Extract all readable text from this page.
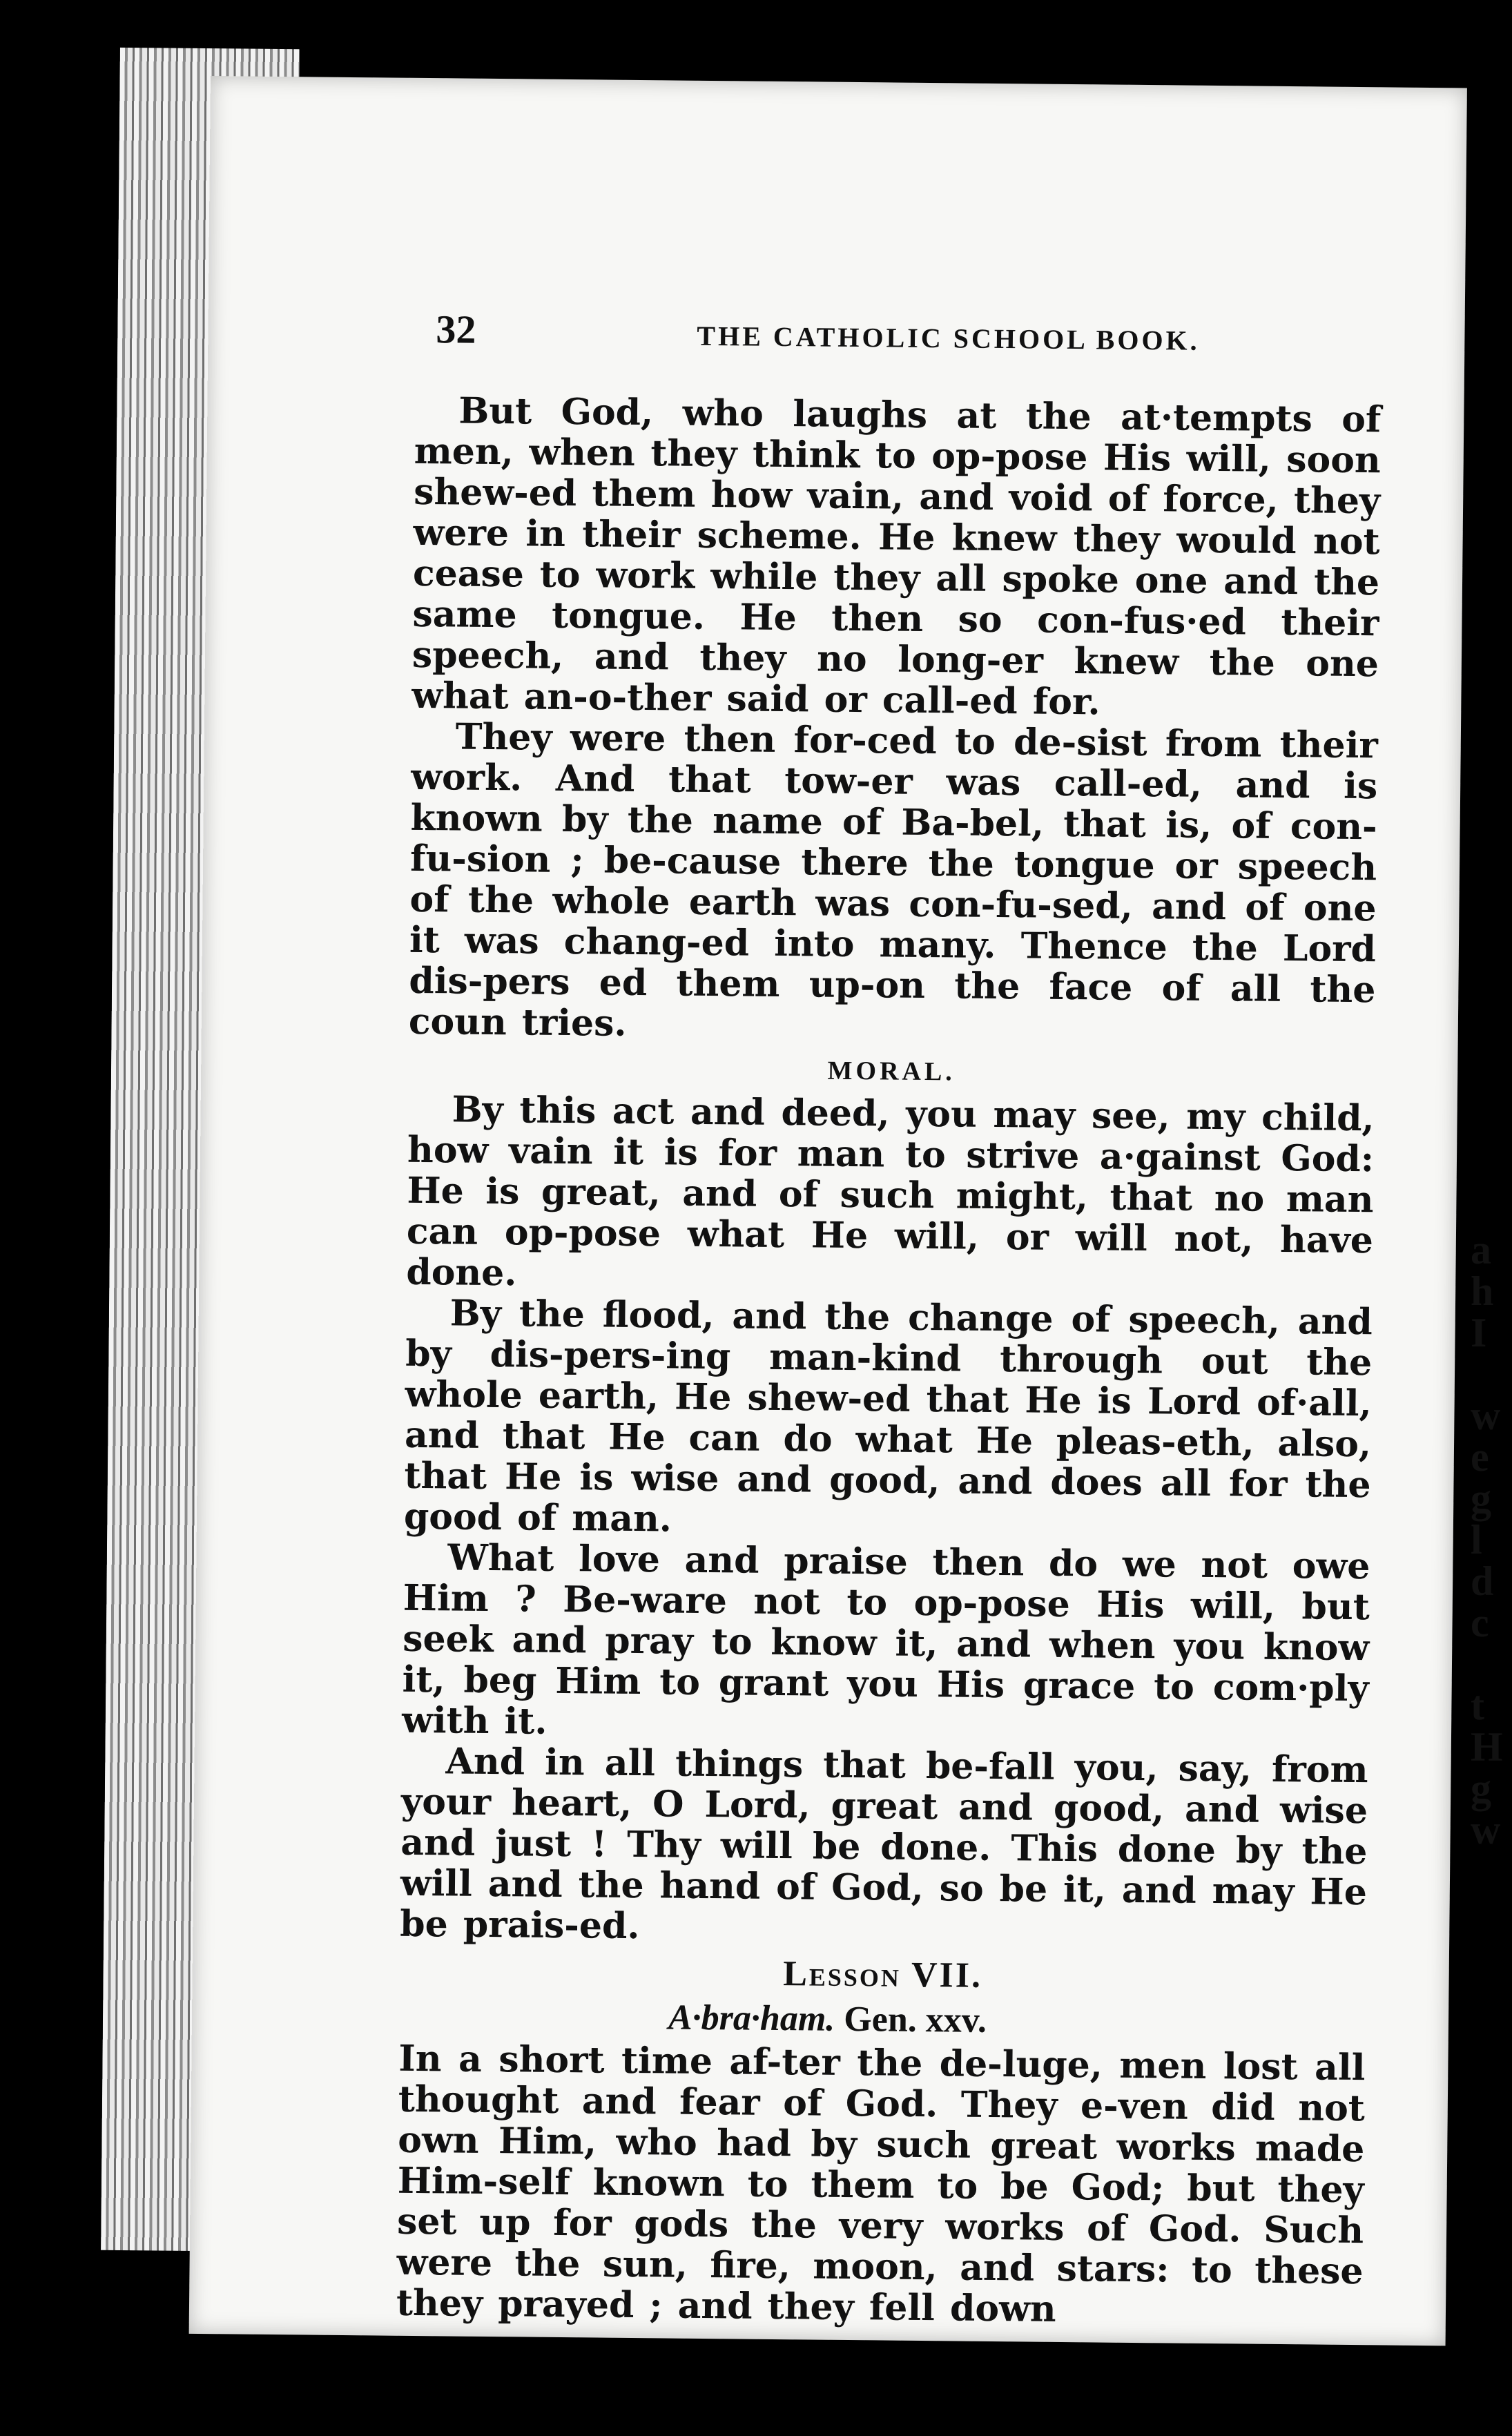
32	THE CATHOLIC SCHOOL BOOK.

But God, who laughs at the at·tempts of men, when they think to op-pose His will, soon shew-ed them how vain, and void of force, they were in their scheme. He knew they would not cease to work while they all spoke one and the same tongue. He then so con-fus·ed their speech, and they no long-er knew the one what an-o-ther said or call-ed for.

They were then for-ced to de-sist from their work. And that tow-er was call-ed, and is known by the name of Ba-bel, that is, of con-fu-sion ; be-cause there the tongue or speech of the whole earth was con-fu-sed, and of one it was chang-ed into many. Thence the Lord dis-pers ed them up-on the face of all the coun tries.

MORAL.

By this act and deed, you may see, my child, how vain it is for man to strive a·gainst God: He is great, and of such might, that no man can op-pose what He will, or will not, have done.

By the flood, and the change of speech, and by dis-pers-ing man-kind through out the whole earth, He shew-ed that He is Lord of·all, and that He can do what He pleas-eth, also, that He is wise and good, and does all for the good of man.

What love and praise then do we not owe Him ? Be-ware not to op-pose His will, but seek and pray to know it, and when you know it, beg Him to grant you His grace to com·ply with it.

And in all things that be-fall you, say, from your heart, O Lord, great and good, and wise and just ! Thy will be done. This done by the will and the hand of God, so be it, and may He be prais-ed.

Lesson VII.
A·bra·ham. Gen. xxv.

In a short time af-ter the de-luge, men lost all thought and fear of God. They e-ven did not own Him, who had by such great works made Him-self known to them to be God; but they set up for gods the very works of God. Such were the sun, fire, moon, and stars: to these they prayed ; and they fell down

a
h
I

w
e
g
l
d
c

t
H
g
w
